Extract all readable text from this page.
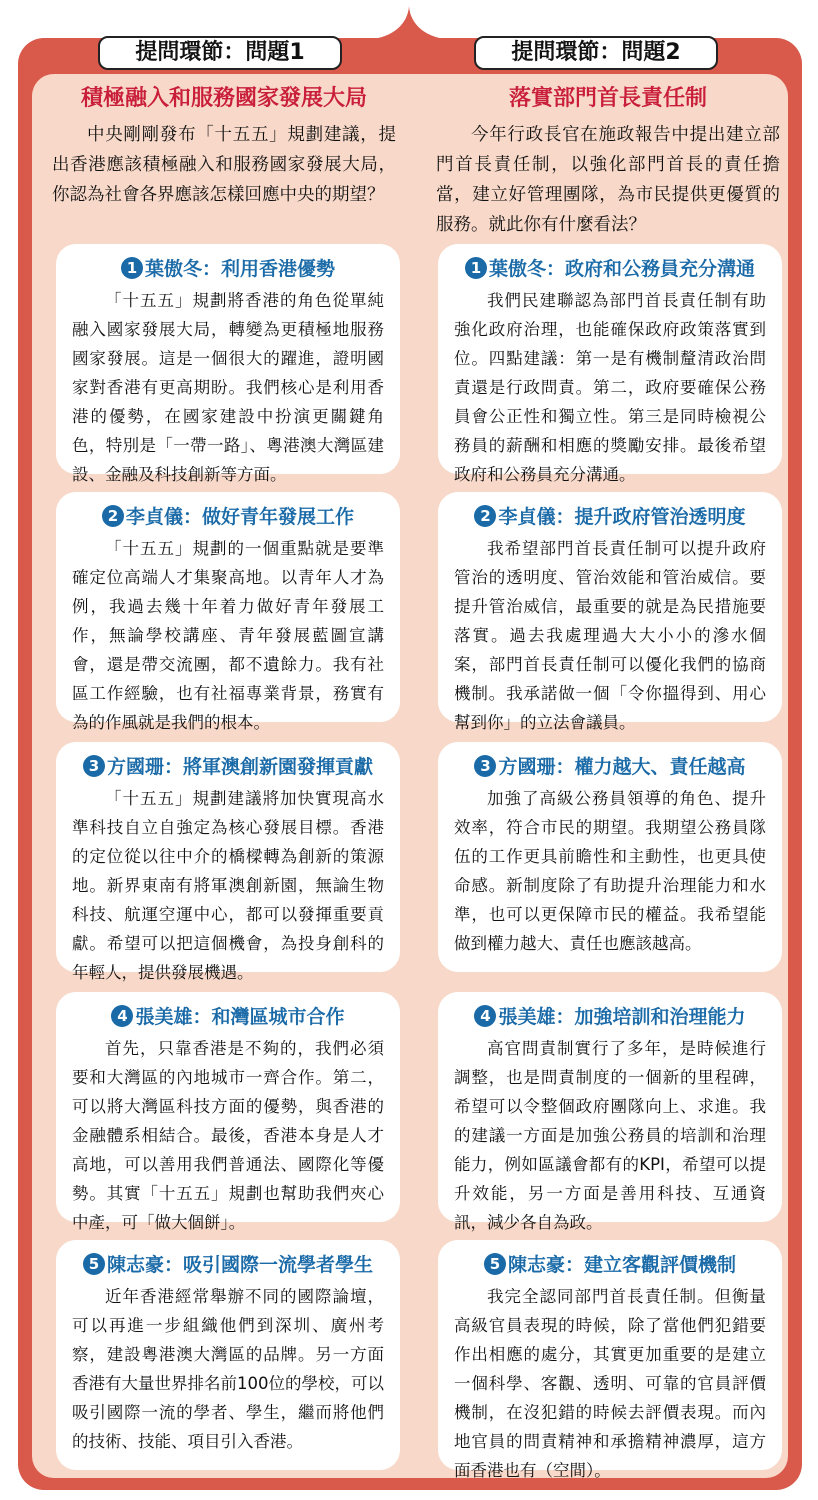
提問環節：問題1	提問環節：問題2
積極融入和服務國家發展大局
中央剛剛發布「十五五」規劃建議，提出香港應該積極融入和服務國家發展大局，你認為社會各界應該怎樣回應中央的期望？
1 葉傲冬：利用香港優勢
「十五五」規劃將香港的角色從單純融入國家發展大局，轉變為更積極地服務國家發展。這是一個很大的躍進，證明國家對香港有更高期盼。我們核心是利用香港的優勢，在國家建設中扮演更關鍵角色，特別是「一帶一路」、粵港澳大灣區建設、金融及科技創新等方面。
2 李貞儀：做好青年發展工作
「十五五」規劃的一個重點就是要準確定位高端人才集聚高地。以青年人才為例，我過去幾十年着力做好青年發展工作，無論學校講座、青年發展藍圖宣講會，還是帶交流團，都不遺餘力。我有社區工作經驗，也有社福專業背景，務實有為的作風就是我們的根本。
3 方國珊：將軍澳創新園發揮貢獻
「十五五」規劃建議將加快實現高水準科技自立自強定為核心發展目標。香港的定位從以往中介的橋樑轉為創新的策源地。新界東南有將軍澳創新園，無論生物科技、航運空運中心，都可以發揮重要貢獻。希望可以把這個機會，為投身創科的年輕人，提供發展機遇。
4 張美雄：和灣區城市合作
首先，只靠香港是不夠的，我們必須要和大灣區的內地城市一齊合作。第二，可以將大灣區科技方面的優勢，與香港的金融體系相結合。最後，香港本身是人才高地，可以善用我們普通法、國際化等優勢。其實「十五五」規劃也幫助我們夾心中產，可「做大個餅」。
5 陳志豪：吸引國際一流學者學生
近年香港經常舉辦不同的國際論壇，可以再進一步組織他們到深圳、廣州考察，建設粵港澳大灣區的品牌。另一方面香港有大量世界排名前100位的學校，可以吸引國際一流的學者、學生，繼而將他們的技術、技能、項目引入香港。
落實部門首長責任制
今年行政長官在施政報告中提出建立部門首長責任制，以強化部門首長的責任擔當，建立好管理團隊，為市民提供更優質的服務。就此你有什麼看法？
1 葉傲冬：政府和公務員充分溝通
我們民建聯認為部門首長責任制有助強化政府治理，也能確保政府政策落實到位。四點建議：第一是有機制釐清政治問責還是行政問責。第二，政府要確保公務員會公正性和獨立性。第三是同時檢視公務員的薪酬和相應的獎勵安排。最後希望政府和公務員充分溝通。
2 李貞儀：提升政府管治透明度
我希望部門首長責任制可以提升政府管治的透明度、管治效能和管治威信。要提升管治威信，最重要的就是為民措施要落實。過去我處理過大大小小的滲水個案，部門首長責任制可以優化我們的協商機制。我承諾做一個「令你搵得到、用心幫到你」的立法會議員。
3 方國珊：權力越大、責任越高
加強了高級公務員領導的角色、提升效率，符合市民的期望。我期望公務員隊伍的工作更具前瞻性和主動性，也更具使命感。新制度除了有助提升治理能力和水準，也可以更保障市民的權益。我希望能做到權力越大、責任也應該越高。
4 張美雄：加強培訓和治理能力
高官問責制實行了多年，是時候進行調整，也是問責制度的一個新的里程碑，希望可以令整個政府團隊向上、求進。我的建議一方面是加強公務員的培訓和治理能力，例如區議會都有的KPI，希望可以提升效能，另一方面是善用科技、互通資訊，減少各自為政。
5 陳志豪：建立客觀評價機制
我完全認同部門首長責任制。但衡量高級官員表現的時候，除了當他們犯錯要作出相應的處分，其實更加重要的是建立一個科學、客觀、透明、可靠的官員評價機制，在沒犯錯的時候去評價表現。而內地官員的問責精神和承擔精神濃厚，這方面香港也有（空間）。
